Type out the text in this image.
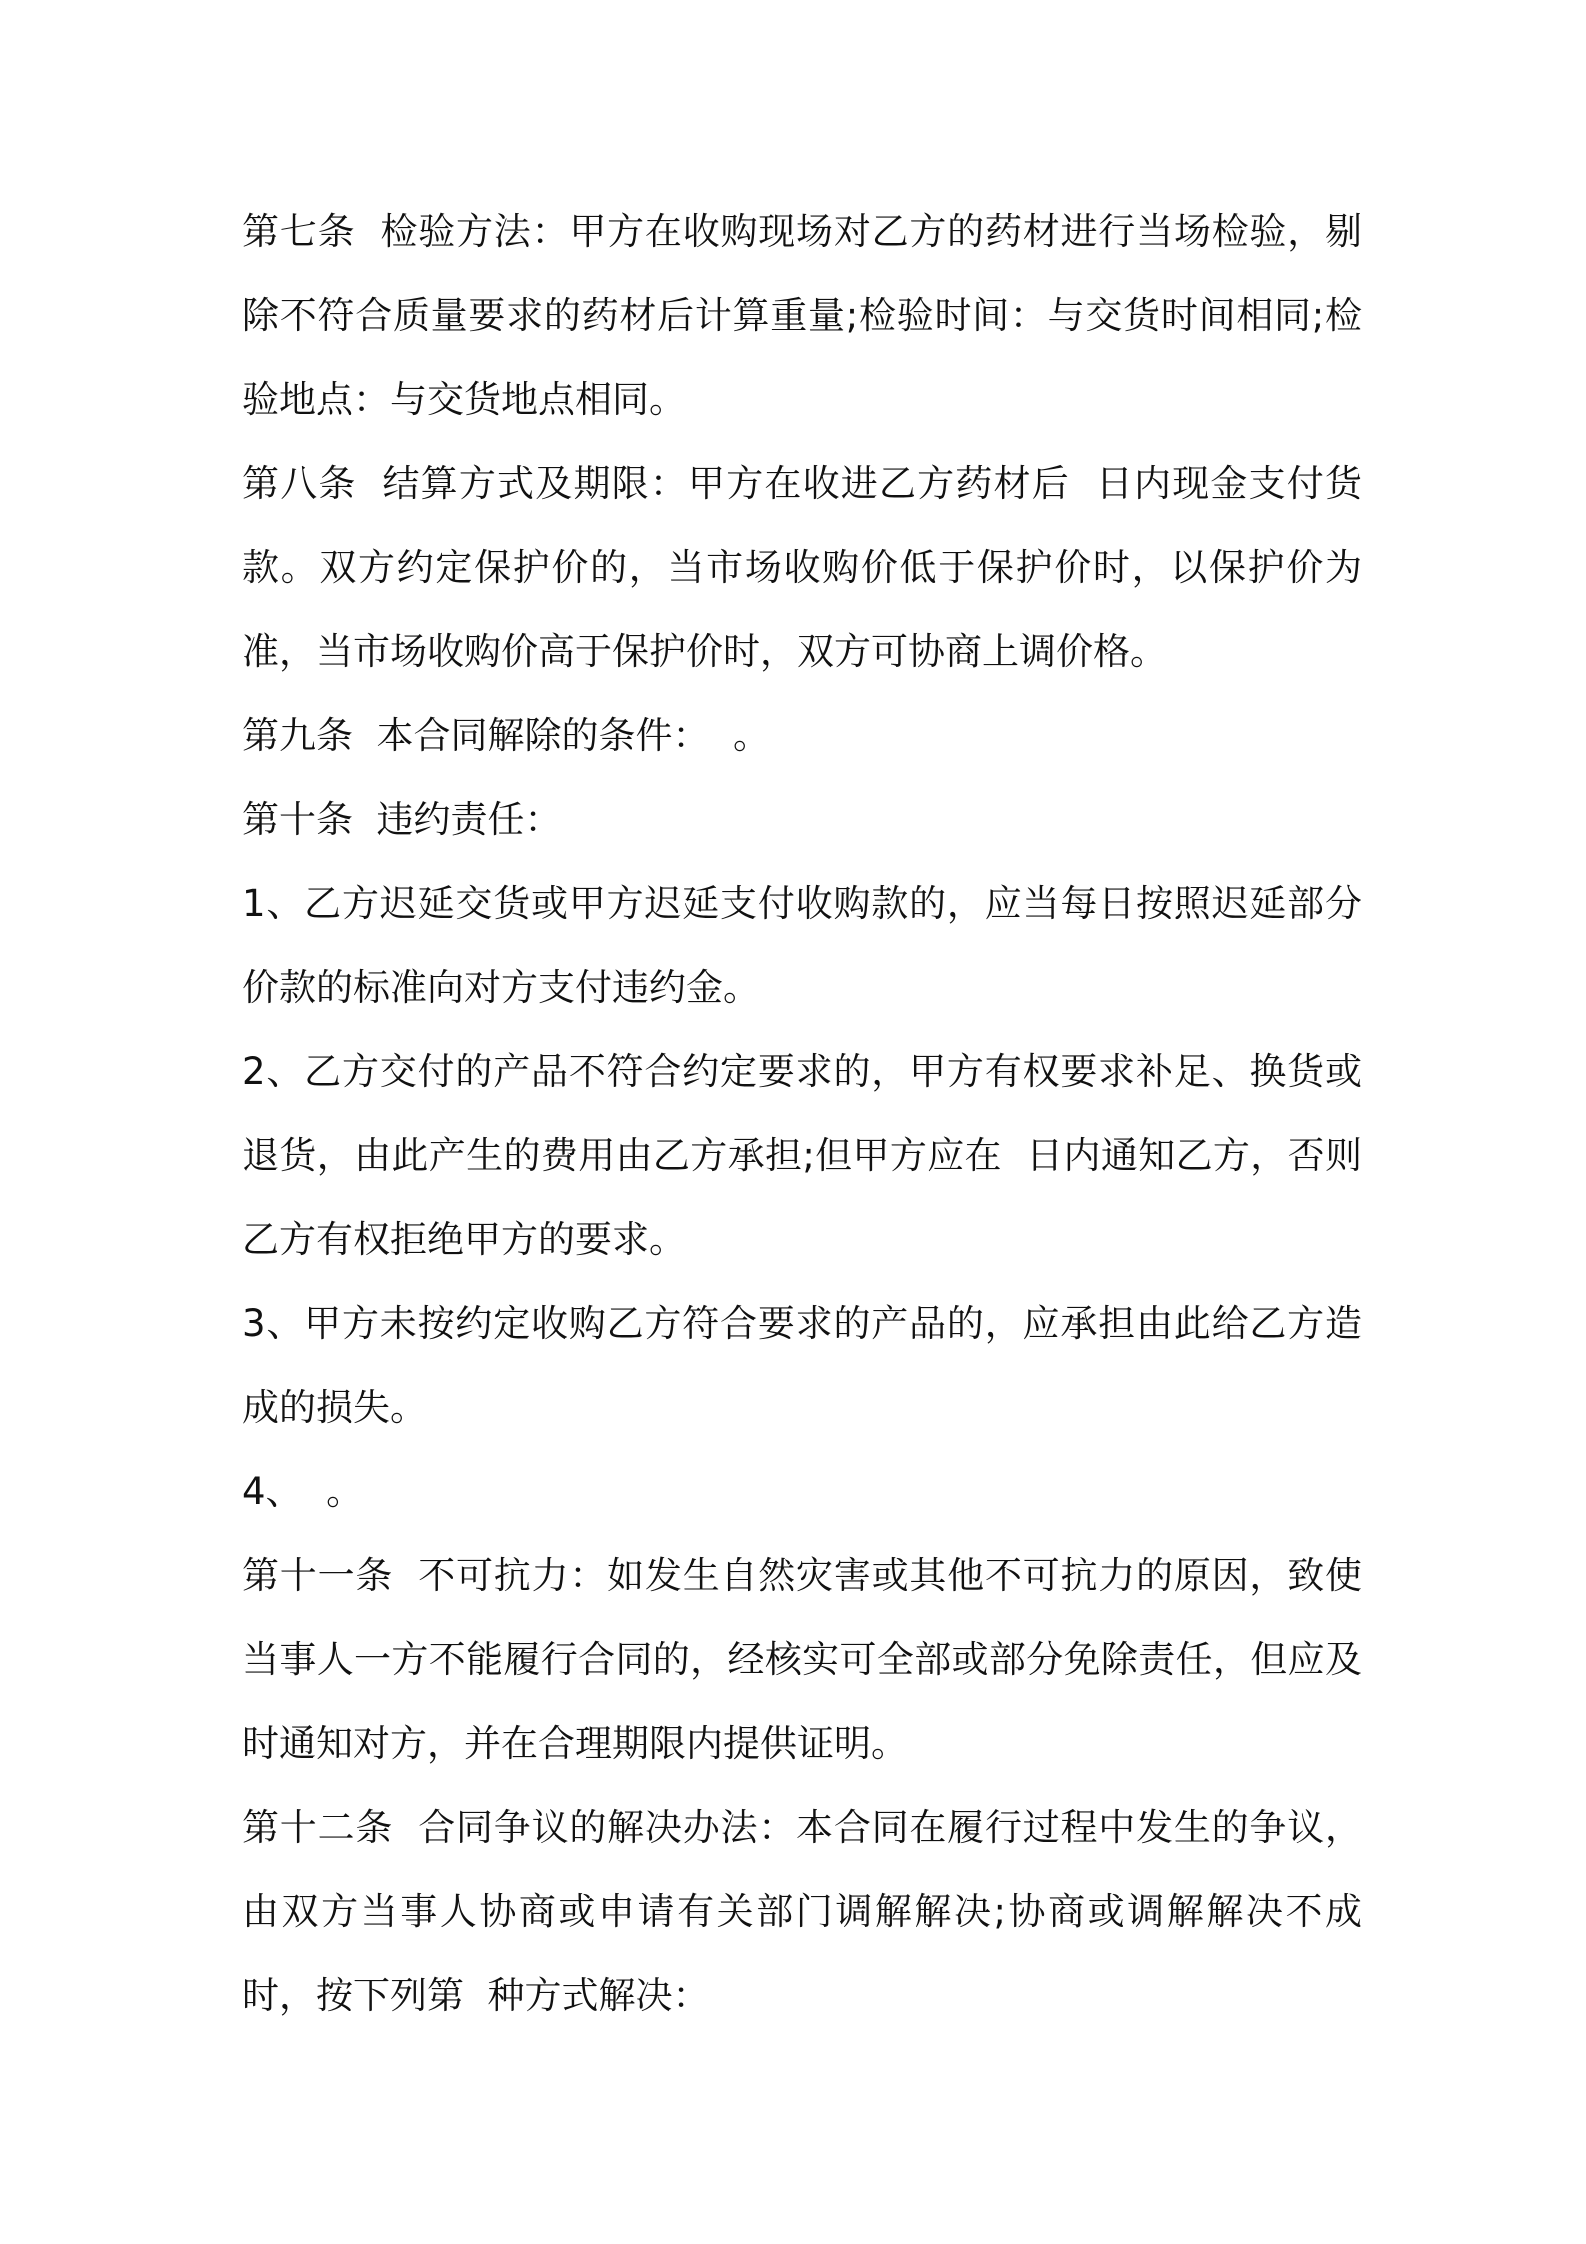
第七条  检验方法：甲方在收购现场对乙方的药材进行当场检验，剔除不符合质量要求的药材后计算重量;检验时间：与交货时间相同;检验地点：与交货地点相同。

第八条  结算方式及期限：甲方在收进乙方药材后  日内现金支付货款。双方约定保护价的，当市场收购价低于保护价时，以保护价为准，当市场收购价高于保护价时，双方可协商上调价格。

第九条  本合同解除的条件：  。

第十条  违约责任：

1、乙方迟延交货或甲方迟延支付收购款的，应当每日按照迟延部分价款的标准向对方支付违约金。

2、乙方交付的产品不符合约定要求的，甲方有权要求补足、换货或退货，由此产生的费用由乙方承担;但甲方应在  日内通知乙方，否则乙方有权拒绝甲方的要求。

3、甲方未按约定收购乙方符合要求的产品的，应承担由此给乙方造成的损失。

4、  。

第十一条  不可抗力：如发生自然灾害或其他不可抗力的原因，致使当事人一方不能履行合同的，经核实可全部或部分免除责任，但应及时通知对方，并在合理期限内提供证明。

第十二条  合同争议的解决办法：本合同在履行过程中发生的争议，由双方当事人协商或申请有关部门调解解决;协商或调解解决不成时，按下列第  种方式解决：
